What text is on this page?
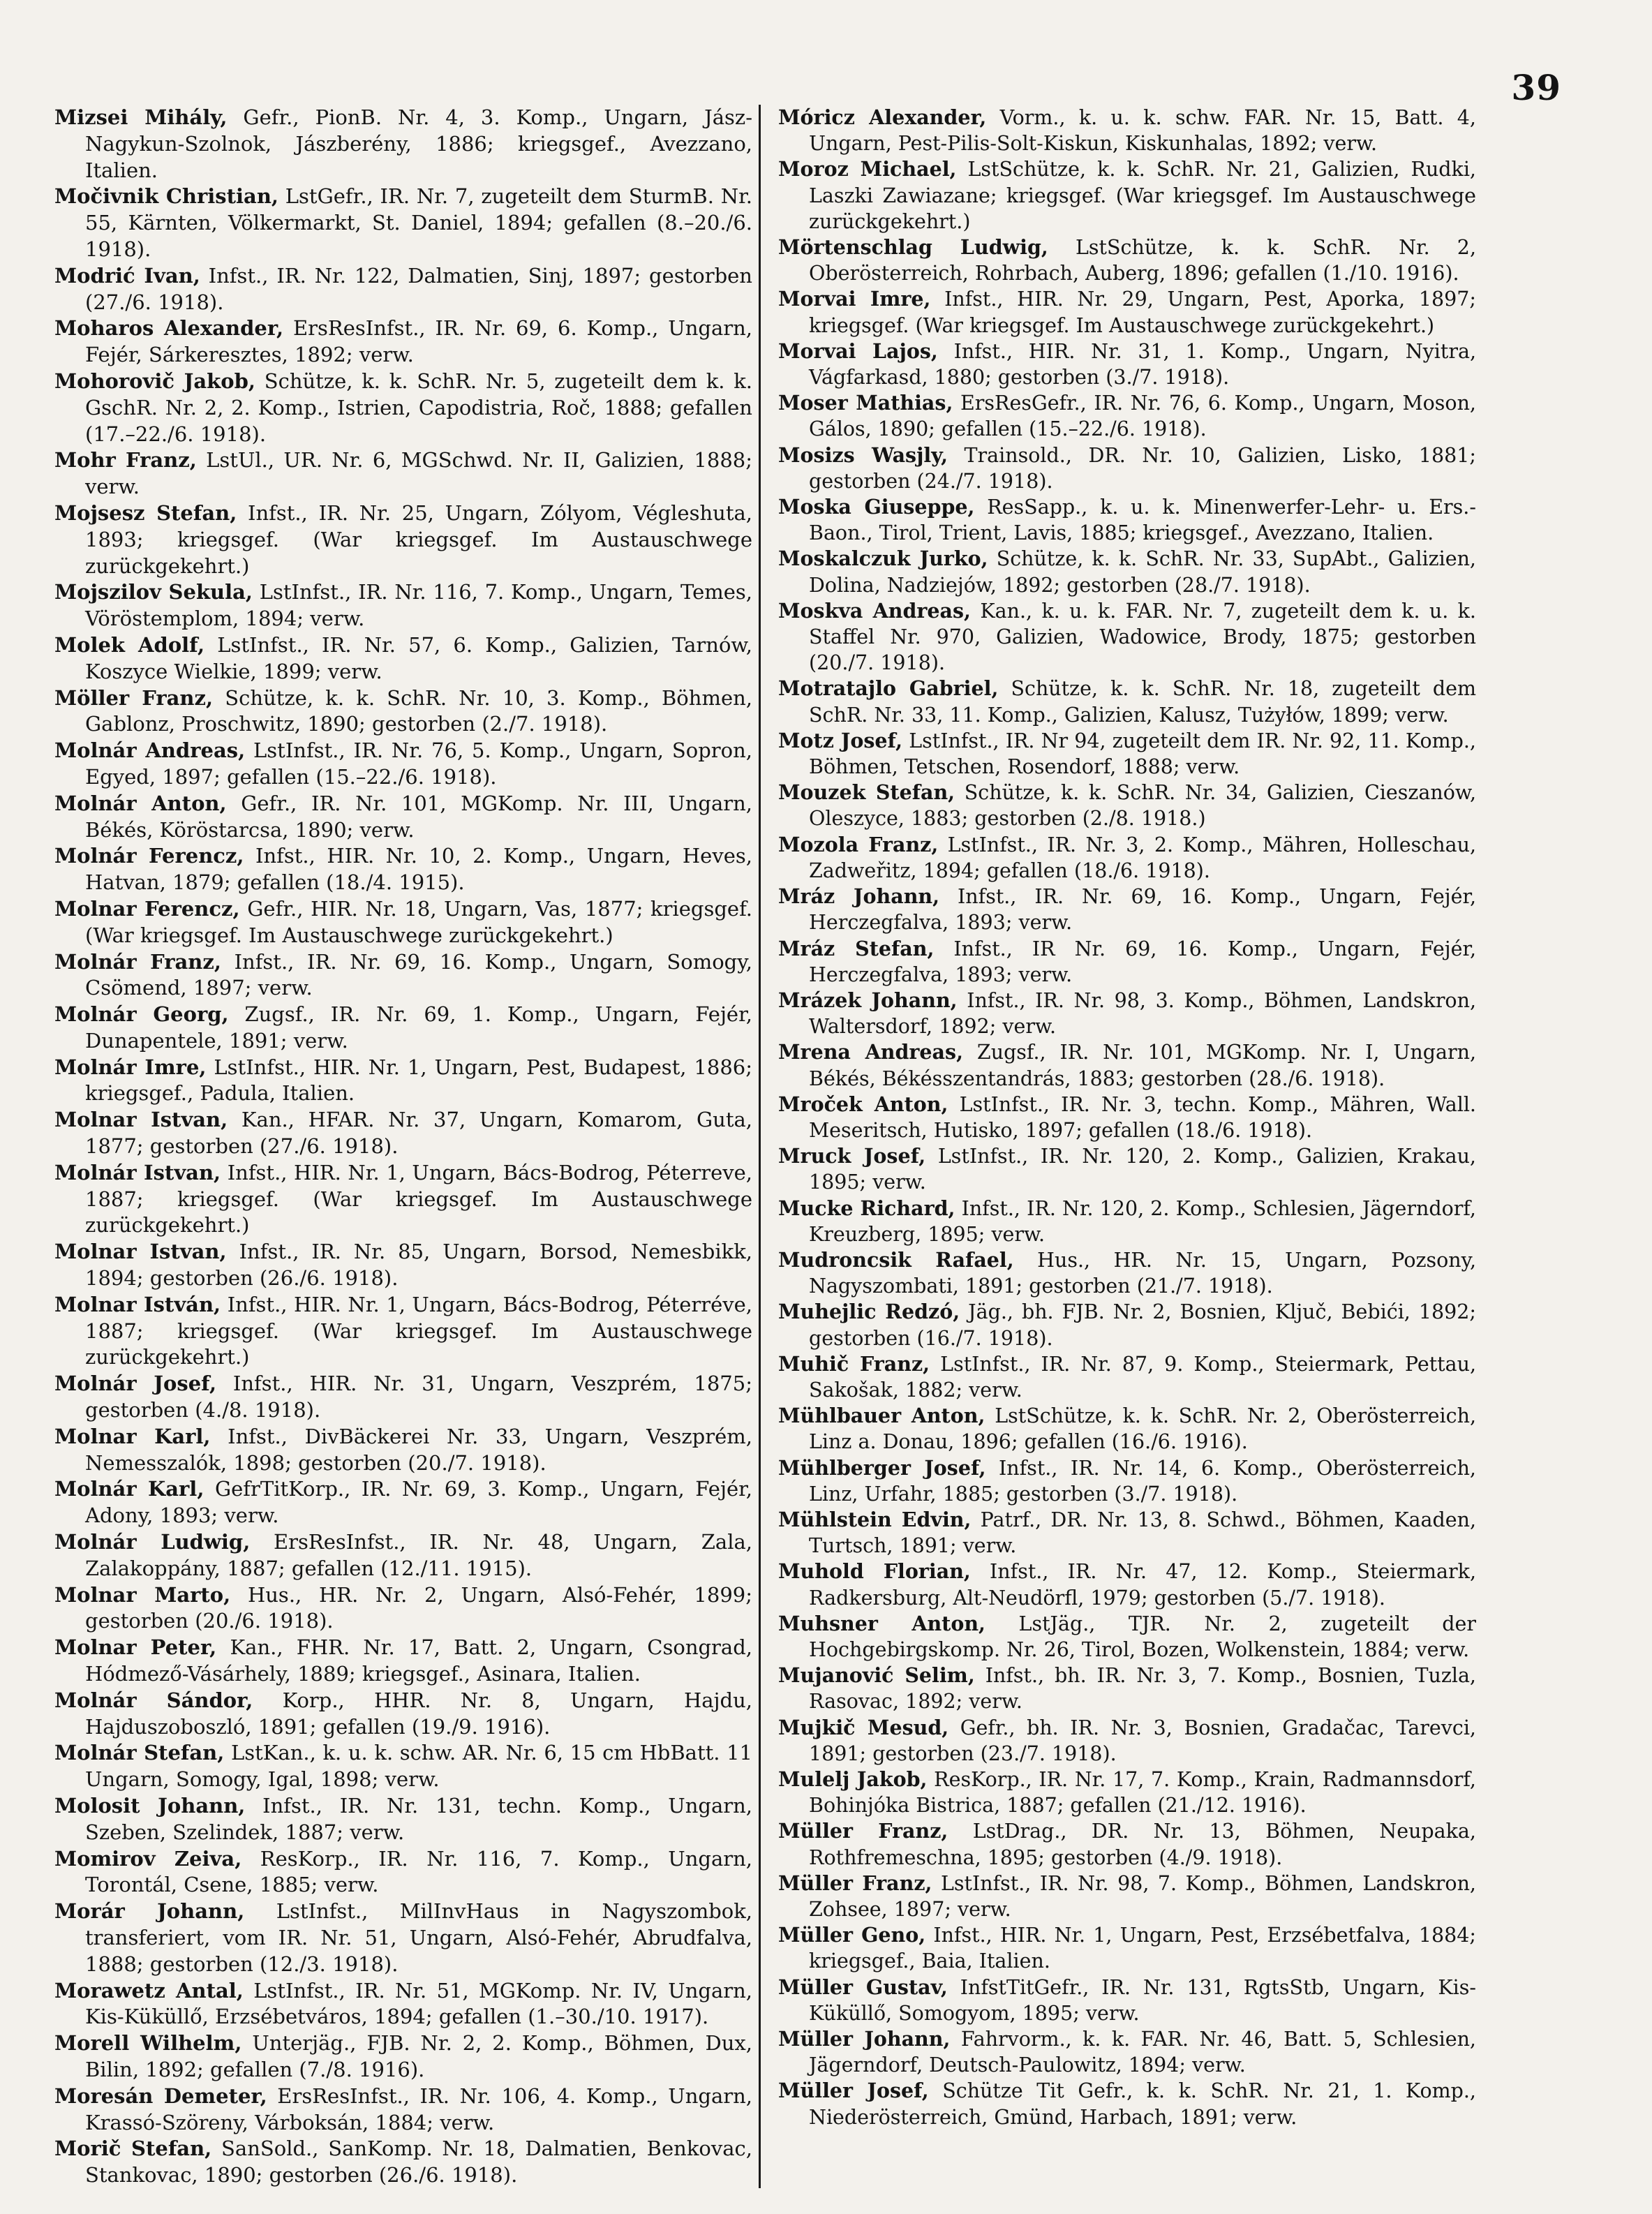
39

Mizsei Mihály, Gefr., PionB. Nr. 4, 3. Komp., Ungarn, Jász-Nagykun-Szolnok, Jászberény, 1886; kriegsgef., Avezzano, Italien.

Močivnik Christian, LstGefr., IR. Nr. 7, zugeteilt dem SturmB. Nr. 55, Kärnten, Völkermarkt, St. Daniel, 1894; gefallen (8.–20./6. 1918).

Modrić Ivan, Infst., IR. Nr. 122, Dalmatien, Sinj, 1897; gestorben (27./6. 1918).

Moharos Alexander, ErsResInfst., IR. Nr. 69, 6. Komp., Ungarn, Fejér, Sárkeresztes, 1892; verw.

Mohorovič Jakob, Schütze, k. k. SchR. Nr. 5, zugeteilt dem k. k. GschR. Nr. 2, 2. Komp., Istrien, Capodistria, Roč, 1888; gefallen (17.–22./6. 1918).

Mohr Franz, LstUl., UR. Nr. 6, MGSchwd. Nr. II, Galizien, 1888; verw.

Mojsesz Stefan, Infst., IR. Nr. 25, Ungarn, Zólyom, Végleshuta, 1893; kriegsgef. (War kriegsgef. Im Austauschwege zurückgekehrt.)

Mojszilov Sekula, LstInfst., IR. Nr. 116, 7. Komp., Ungarn, Temes, Vöröstemplom, 1894; verw.

Molek Adolf, LstInfst., IR. Nr. 57, 6. Komp., Galizien, Tarnów, Koszyce Wielkie, 1899; verw.

Möller Franz, Schütze, k. k. SchR. Nr. 10, 3. Komp., Böhmen, Gablonz, Proschwitz, 1890; gestorben (2./7. 1918).

Molnár Andreas, LstInfst., IR. Nr. 76, 5. Komp., Ungarn, Sopron, Egyed, 1897; gefallen (15.–22./6. 1918).

Molnár Anton, Gefr., IR. Nr. 101, MGKomp. Nr. III, Ungarn, Békés, Köröstarcsa, 1890; verw.

Molnár Ferencz, Infst., HIR. Nr. 10, 2. Komp., Ungarn, Heves, Hatvan, 1879; gefallen (18./4. 1915).

Molnar Ferencz, Gefr., HIR. Nr. 18, Ungarn, Vas, 1877; kriegsgef. (War kriegsgef. Im Austauschwege zurückgekehrt.)

Molnár Franz, Infst., IR. Nr. 69, 16. Komp., Ungarn, Somogy, Csömend, 1897; verw.

Molnár Georg, Zugsf., IR. Nr. 69, 1. Komp., Ungarn, Fejér, Dunapentele, 1891; verw.

Molnár Imre, LstInfst., HIR. Nr. 1, Ungarn, Pest, Budapest, 1886; kriegsgef., Padula, Italien.

Molnar Istvan, Kan., HFAR. Nr. 37, Ungarn, Komarom, Guta, 1877; gestorben (27./6. 1918).

Molnár Istvan, Infst., HIR. Nr. 1, Ungarn, Bács-Bodrog, Péterreve, 1887; kriegsgef. (War kriegsgef. Im Austauschwege zurückgekehrt.)

Molnar Istvan, Infst., IR. Nr. 85, Ungarn, Borsod, Nemesbikk, 1894; gestorben (26./6. 1918).

Molnar István, Infst., HIR. Nr. 1, Ungarn, Bács-Bodrog, Péterréve, 1887; kriegsgef. (War kriegsgef. Im Austauschwege zurückgekehrt.)

Molnár Josef, Infst., HIR. Nr. 31, Ungarn, Veszprém, 1875; gestorben (4./8. 1918).

Molnar Karl, Infst., DivBäckerei Nr. 33, Ungarn, Veszprém, Nemesszalók, 1898; gestorben (20./7. 1918).

Molnár Karl, GefrTitKorp., IR. Nr. 69, 3. Komp., Ungarn, Fejér, Adony, 1893; verw.

Molnár Ludwig, ErsResInfst., IR. Nr. 48, Ungarn, Zala, Zalakoppány, 1887; gefallen (12./11. 1915).

Molnar Marto, Hus., HR. Nr. 2, Ungarn, Alsó-Fehér, 1899; gestorben (20./6. 1918).

Molnar Peter, Kan., FHR. Nr. 17, Batt. 2, Ungarn, Csongrad, Hódmező-Vásárhely, 1889; kriegsgef., Asinara, Italien.

Molnár Sándor, Korp., HHR. Nr. 8, Ungarn, Hajdu, Hajduszoboszló, 1891; gefallen (19./9. 1916).

Molnár Stefan, LstKan., k. u. k. schw. AR. Nr. 6, 15 cm HbBatt. 11 Ungarn, Somogy, Igal, 1898; verw.

Molosit Johann, Infst., IR. Nr. 131, techn. Komp., Ungarn, Szeben, Szelindek, 1887; verw.

Momirov Zeiva, ResKorp., IR. Nr. 116, 7. Komp., Ungarn, Torontál, Csene, 1885; verw.

Morár Johann, LstInfst., MilInvHaus in Nagyszombok, transferiert, vom IR. Nr. 51, Ungarn, Alsó-Fehér, Abrudfalva, 1888; gestorben (12./3. 1918).

Morawetz Antal, LstInfst., IR. Nr. 51, MGKomp. Nr. IV, Ungarn, Kis-Küküllő, Erzsébetváros, 1894; gefallen (1.–30./10. 1917).

Morell Wilhelm, Unterjäg., FJB. Nr. 2, 2. Komp., Böhmen, Dux, Bilin, 1892; gefallen (7./8. 1916).

Moresán Demeter, ErsResInfst., IR. Nr. 106, 4. Komp., Ungarn, Krassó-Szöreny, Várboksán, 1884; verw.

Morič Stefan, SanSold., SanKomp. Nr. 18, Dalmatien, Benkovac, Stankovac, 1890; gestorben (26./6. 1918).

Móricz Alexander, Vorm., k. u. k. schw. FAR. Nr. 15, Batt. 4, Ungarn, Pest-Pilis-Solt-Kiskun, Kiskunhalas, 1892; verw.

Moroz Michael, LstSchütze, k. k. SchR. Nr. 21, Galizien, Rudki, Laszki Zawiazane; kriegsgef. (War kriegsgef. Im Austauschwege zurückgekehrt.)

Mörtenschlag Ludwig, LstSchütze, k. k. SchR. Nr. 2, Oberösterreich, Rohrbach, Auberg, 1896; gefallen (1./10. 1916).

Morvai Imre, Infst., HIR. Nr. 29, Ungarn, Pest, Aporka, 1897; kriegsgef. (War kriegsgef. Im Austauschwege zurückgekehrt.)

Morvai Lajos, Infst., HIR. Nr. 31, 1. Komp., Ungarn, Nyitra, Vágfarkasd, 1880; gestorben (3./7. 1918).

Moser Mathias, ErsResGefr., IR. Nr. 76, 6. Komp., Ungarn, Moson, Gálos, 1890; gefallen (15.–22./6. 1918).

Mosizs Wasjly, Trainsold., DR. Nr. 10, Galizien, Lisko, 1881; gestorben (24./7. 1918).

Moska Giuseppe, ResSapp., k. u. k. Minenwerfer-Lehr- u. Ers.-Baon., Tirol, Trient, Lavis, 1885; kriegsgef., Avezzano, Italien.

Moskalczuk Jurko, Schütze, k. k. SchR. Nr. 33, SupAbt., Galizien, Dolina, Nadziejów, 1892; gestorben (28./7. 1918).

Moskva Andreas, Kan., k. u. k. FAR. Nr. 7, zugeteilt dem k. u. k. Staffel Nr. 970, Galizien, Wadowice, Brody, 1875; gestorben (20./7. 1918).

Motratajlo Gabriel, Schütze, k. k. SchR. Nr. 18, zugeteilt dem SchR. Nr. 33, 11. Komp., Galizien, Kalusz, Tużyłów, 1899; verw.

Motz Josef, LstInfst., IR. Nr 94, zugeteilt dem IR. Nr. 92, 11. Komp., Böhmen, Tetschen, Rosendorf, 1888; verw.

Mouzek Stefan, Schütze, k. k. SchR. Nr. 34, Galizien, Cieszanów, Oleszyce, 1883; gestorben (2./8. 1918.)

Mozola Franz, LstInfst., IR. Nr. 3, 2. Komp., Mähren, Holleschau, Zadweřitz, 1894; gefallen (18./6. 1918).

Mráz Johann, Infst., IR. Nr. 69, 16. Komp., Ungarn, Fejér, Herczegfalva, 1893; verw.

Mráz Stefan, Infst., IR Nr. 69, 16. Komp., Ungarn, Fejér, Herczegfalva, 1893; verw.

Mrázek Johann, Infst., IR. Nr. 98, 3. Komp., Böhmen, Landskron, Waltersdorf, 1892; verw.

Mrena Andreas, Zugsf., IR. Nr. 101, MGKomp. Nr. I, Ungarn, Békés, Békésszentandrás, 1883; gestorben (28./6. 1918).

Mroček Anton, LstInfst., IR. Nr. 3, techn. Komp., Mähren, Wall. Meseritsch, Hutisko, 1897; gefallen (18./6. 1918).

Mruck Josef, LstInfst., IR. Nr. 120, 2. Komp., Galizien, Krakau, 1895; verw.

Mucke Richard, Infst., IR. Nr. 120, 2. Komp., Schlesien, Jägerndorf, Kreuzberg, 1895; verw.

Mudroncsik Rafael, Hus., HR. Nr. 15, Ungarn, Pozsony, Nagyszombati, 1891; gestorben (21./7. 1918).

Muhejlic Redzó, Jäg., bh. FJB. Nr. 2, Bosnien, Ključ, Bebići, 1892; gestorben (16./7. 1918).

Muhič Franz, LstInfst., IR. Nr. 87, 9. Komp., Steiermark, Pettau, Sakošak, 1882; verw.

Mühlbauer Anton, LstSchütze, k. k. SchR. Nr. 2, Oberösterreich, Linz a. Donau, 1896; gefallen (16./6. 1916).

Mühlberger Josef, Infst., IR. Nr. 14, 6. Komp., Oberösterreich, Linz, Urfahr, 1885; gestorben (3./7. 1918).

Mühlstein Edvin, Patrf., DR. Nr. 13, 8. Schwd., Böhmen, Kaaden, Turtsch, 1891; verw.

Muhold Florian, Infst., IR. Nr. 47, 12. Komp., Steiermark, Radkersburg, Alt-Neudörfl, 1979; gestorben (5./7. 1918).

Muhsner Anton, LstJäg., TJR. Nr. 2, zugeteilt der Hochgebirgskomp. Nr. 26, Tirol, Bozen, Wolkenstein, 1884; verw.

Mujanović Selim, Infst., bh. IR. Nr. 3, 7. Komp., Bosnien, Tuzla, Rasovac, 1892; verw.

Mujkič Mesud, Gefr., bh. IR. Nr. 3, Bosnien, Gradačac, Tarevci, 1891; gestorben (23./7. 1918).

Mulelj Jakob, ResKorp., IR. Nr. 17, 7. Komp., Krain, Radmannsdorf, Bohinjóka Bistrica, 1887; gefallen (21./12. 1916).

Müller Franz, LstDrag., DR. Nr. 13, Böhmen, Neupaka, Rothfremeschna, 1895; gestorben (4./9. 1918).

Müller Franz, LstInfst., IR. Nr. 98, 7. Komp., Böhmen, Landskron, Zohsee, 1897; verw.

Müller Geno, Infst., HIR. Nr. 1, Ungarn, Pest, Erzsébetfalva, 1884; kriegsgef., Baia, Italien.

Müller Gustav, InfstTitGefr., IR. Nr. 131, RgtsStb, Ungarn, Kis-Küküllő, Somogyom, 1895; verw.

Müller Johann, Fahrvorm., k. k. FAR. Nr. 46, Batt. 5, Schlesien, Jägerndorf, Deutsch-Paulowitz, 1894; verw.

Müller Josef, Schütze Tit Gefr., k. k. SchR. Nr. 21, 1. Komp., Niederösterreich, Gmünd, Harbach, 1891; verw.
